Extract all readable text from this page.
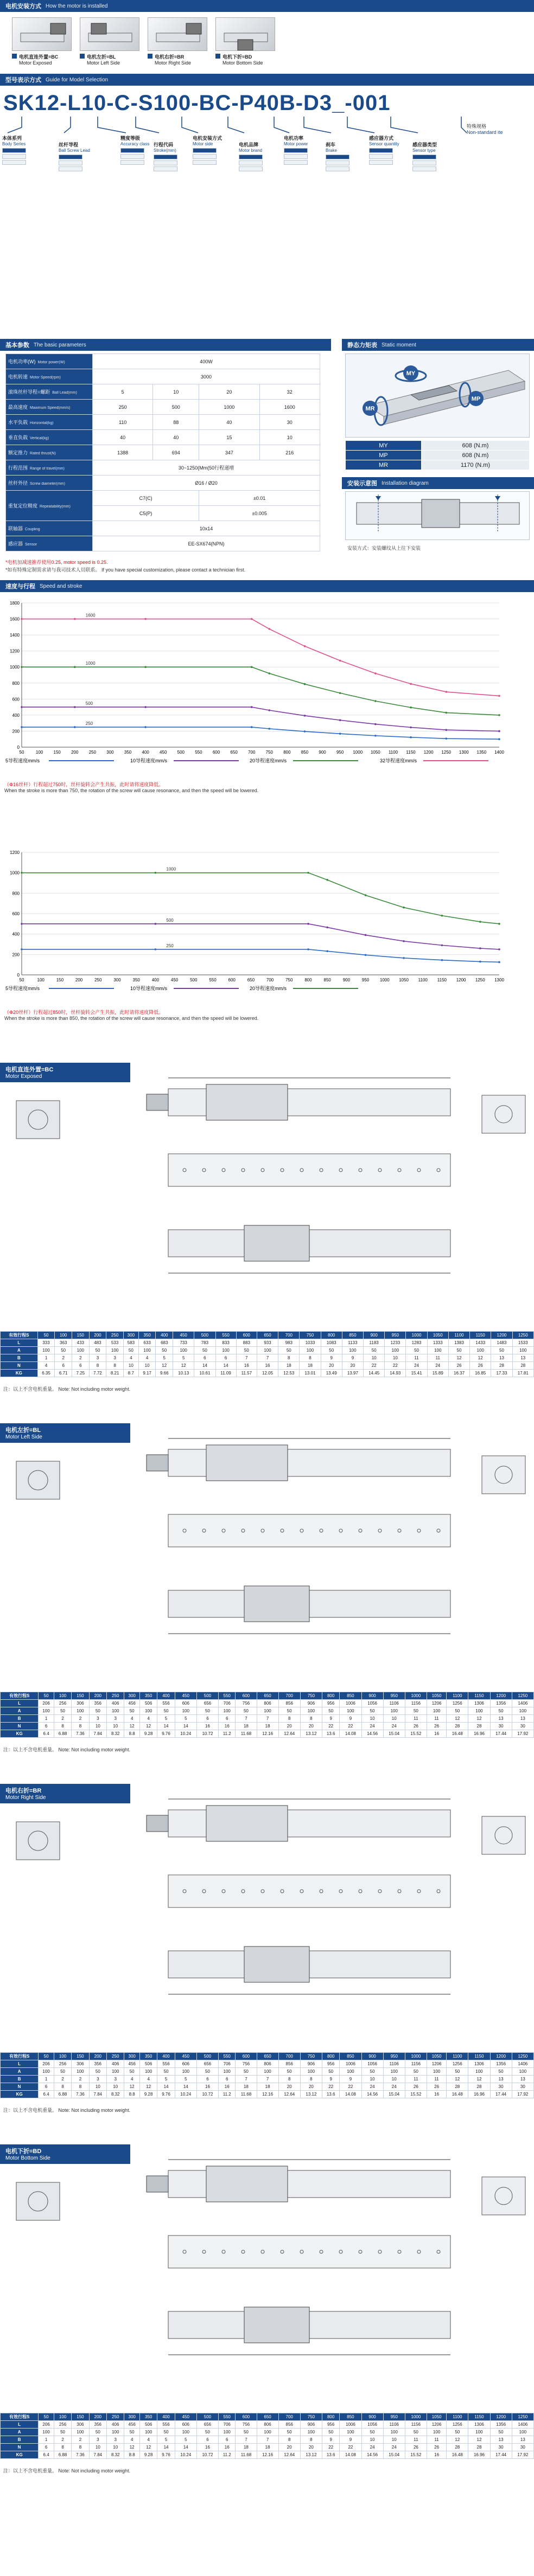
电机安装方式 How the motor is installed
电机直连外置=BC
Motor Exposed
电机左折=BL
Motor Left Side
电机右折=BR
Motor Right Side
电机下折=BD
Motor Bottom Side
型号表示方式 Guide for Model Selection
SK12-L10-C-S100-BC-P40B-D3_-001
特殊规格
Non-standard ite
本体系列
Body Series	丝杆导程
Ball Screw Lead
精度等级
Accuracy class 行程代码
Stroke(mm)
电机安装方式
Motor side	电机品牌
Motor brand
电机功率
Motor power	刹车
Brake
感应器方式
Sensor quantity	感应器类型
Sensor type
基本参数 The basic parameters
电机功率(W) Motor power(W)	400W			
电机转速 Motor Speed(rpm)	3000			
滚珠丝杆导程=螺距 Ball Lead(mm)	5	10	20	32
最高速度 Maximum Speed(mm/s)	250	500	1000	1600
水平负载 Horizontal(kg)	110	88	40	30
垂直负载 Vertical(kg)	40	40	15	10
额定推力 Rated thrust(N)	1388	694	347	216
行程范围 Range of travel(mm)	30~1250(Mm(50行程递增			
丝杆外径 Screw diameter(mm)	Ø16 / Ø20			
重复定位精度 Repeatability(mm)	C7(C)		±0.01	
	C5(P)		±0.005	
联轴器 Coupling	10x14			
感应器 Sensor	EE-SX674(NPN)			
*电机加减速推荐使用0.25, motor speed is 0.25.
*如有特殊定制需求请与我司技术人员联系。 If you have special customization, please contact a technician first.
静态力矩表 Static moment
MY
MR
MP
MY	608 (N.m)
MP	608 (N.m)
MR	1170 (N.m)
安装示意图 Installation diagram
安装方式：安装螺纹从上往下安装
速度与行程 Speed and stroke
0
200
400
600
800
1000
1200
1400
1600
1800
50	100 150 200 250 300 350 400 450 500 550 600 650 700 750 800 850 900 950 1000 1050 1100 1150 1200 1250 1300 1350 1400
1600
1000
500
250
5导程速度mm/s	10导程速度mm/s	20导程速度mm/s	32导程速度mm/s
（Φ16丝杆）行程超过750时，丝杆旋转会产生共振，此时请将速度降低。
When the stroke is more than 750, the rotation of the screw will cause resonance, and then the speed will be lowered.
0
200
400
600
800
1000
1200
50	100	150	200	250	300	350	400	450	500	550	600	650	700	750	800	850	900	950 1000 1050 1100 1150 1200 1250 1300
1000
500
250
5导程速度mm/s	10导程速度mm/s	20导程速度mm/s
（Φ20丝杆）行程超过850时，丝杆旋转会产生共振，此时请将速度降低。
When the stroke is more than 850, the rotation of the screw will cause resonance, and then the speed will be lowered.
电机直连外置=BC
Motor Exposed
有效行程S	50	100	150	200	250	300	350	400	450	500	550	600	650	700	750	800	850	900	950	1000	1050	1100	1150	1200	1250
L	333	363	433	483	533	583	633	683	733	783	833	883	933	983	1033	1083	1133	1183	1233	1283	1333	1383	1433	1483	1533
A	100	50	100	50	100	50	100	50	100	50	100	50	100	50	100	50	100	50	100	50	100	50	100	50	100
B	1	2	2	3	3	4	4	5	5	6	6	7	7	8	8	9	9	10	10	11	11	12	12	13	13
N	4	6	6	8	8	10	10	12	12	14	14	16	16	18	18	20	20	22	22	24	24	26	26	28	28
KG	6.35	6.71	7.25	7.72	8.21	8.7	9.17	9.66	10.13	10.61	11.09	11.57	12.05	12.53	13.01	13.49	13.97	14.45	14.93	15.41	15.89	16.37	16.85	17.33	17.81
注：以上不含电机重量。 Note: Not including motor weight.
电机左折=BL
Motor Left Side
有效行程S	50	100	150	200	250	300	350	400	450	500	550	600	650	700	750	800	850	900	950	1000	1050	1100	1150	1200	1250
L	206	256	306	356	406	456	506	556	606	656	706	756	806	856	906	956	1006	1056	1106	1156	1206	1256	1306	1356	1406
A	100	50	100	50	100	50	100	50	100	50	100	50	100	50	100	50	100	50	100	50	100	50	100	50	100
B	1	2	2	3	3	4	4	5	5	6	6	7	7	8	8	9	9	10	10	11	11	12	12	13	13
N	6	8	8	10	10	12	12	14	14	16	16	18	18	20	20	22	22	24	24	26	26	28	28	30	30
KG	6.4	6.88	7.36	7.84	8.32	8.8	9.28	9.76	10.24	10.72	11.2	11.68	12.16	12.64	13.12	13.6	14.08	14.56	15.04	15.52	16	16.48	16.96	17.44	17.92
注：以上不含电机重量。 Note: Not including motor weight.
电机右折=BR
Motor Right Side
有效行程S	50	100	150	200	250	300	350	400	450	500	550	600	650	700	750	800	850	900	950	1000	1050	1100	1150	1200	1250
L	206	256	306	356	406	456	506	556	606	656	706	756	806	856	906	956	1006	1056	1106	1156	1206	1256	1306	1356	1406
A	100	50	100	50	100	50	100	50	100	50	100	50	100	50	100	50	100	50	100	50	100	50	100	50	100
B	1	2	2	3	3	4	4	5	5	6	6	7	7	8	8	9	9	10	10	11	11	12	12	13	13
N	6	8	8	10	10	12	12	14	14	16	16	18	18	20	20	22	22	24	24	26	26	28	28	30	30
KG	6.4	6.88	7.36	7.84	8.32	8.8	9.28	9.76	10.24	10.72	11.2	11.68	12.16	12.64	13.12	13.6	14.08	14.56	15.04	15.52	16	16.48	16.96	17.44	17.92
注：以上不含电机重量。 Note: Not including motor weight.
电机下折=BD
Motor Bottom Side
有效行程S	50	100	150	200	250	300	350	400	450	500	550	600	650	700	750	800	850	900	950	1000	1050	1100	1150	1200	1250
L	206	256	306	356	406	456	506	556	606	656	706	756	806	856	906	956	1006	1056	1106	1156	1206	1256	1306	1356	1406
A	100	50	100	50	100	50	100	50	100	50	100	50	100	50	100	50	100	50	100	50	100	50	100	50	100
B	1	2	2	3	3	4	4	5	5	6	6	7	7	8	8	9	9	10	10	11	11	12	12	13	13
N	6	8	8	10	10	12	12	14	14	16	16	18	18	20	20	22	22	24	24	26	26	28	28	30	30
KG	6.4	6.88	7.36	7.84	8.32	8.8	9.28	9.76	10.24	10.72	11.2	11.68	12.16	12.64	13.12	13.6	14.08	14.56	15.04	15.52	16	16.48	16.96	17.44	17.92
注：以上不含电机重量。 Note: Not including motor weight.
